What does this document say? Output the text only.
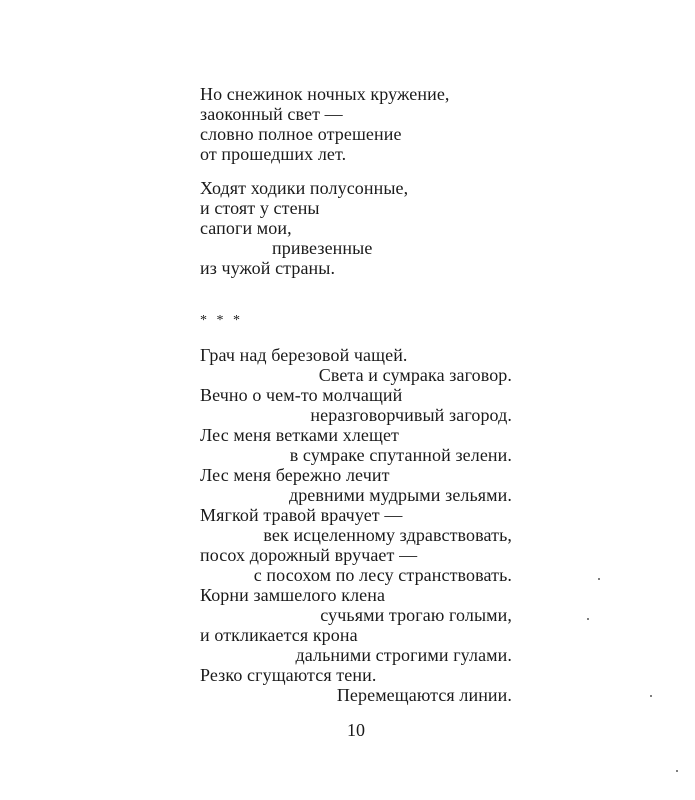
Но снежинок ночных кружение,
заоконный свет —
словно полное отрешение
от прошедших лет.
Ходят ходики полусонные,
и стоят у стены
сапоги мои,
привезенные
из чужой страны.
* * *
Грач над березовой чащей.
Света и сумрака заговор.
Вечно о чем-то молчащий
неразговорчивый загород.
Лес меня ветками хлещет
в сумраке спутанной зелени.
Лес меня бережно лечит
древними мудрыми зельями.
Мягкой травой врачует —
век исцеленному здравствовать,
посох дорожный вручает —
с посохом по лесу странствовать.
Корни замшелого клена
сучьями трогаю голыми,
и откликается крона
дальними строгими гулами.
Резко сгущаются тени.
Перемещаются линии.
10
